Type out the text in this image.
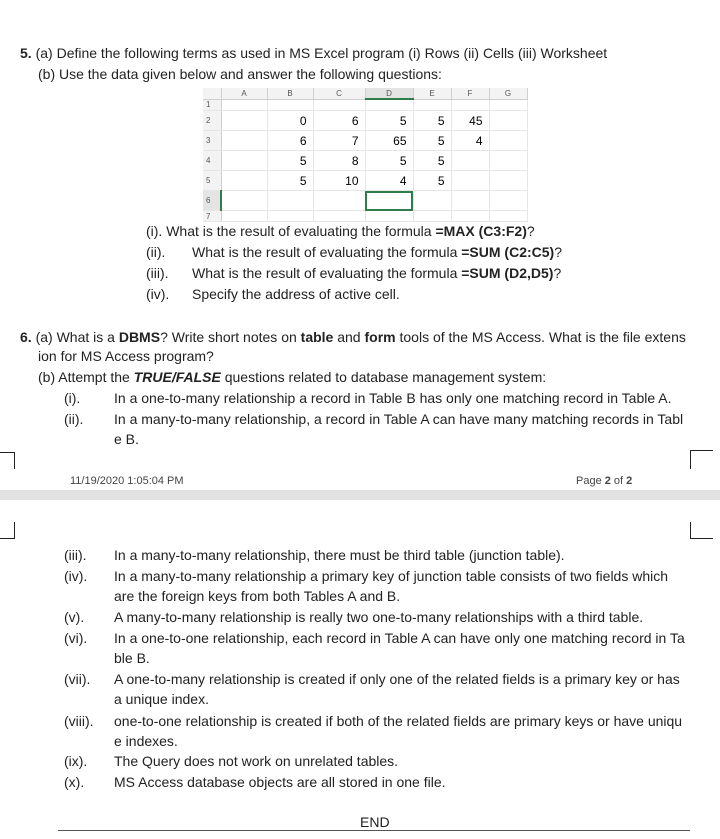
5. (a) Define the following terms as used in MS Excel program (i) Rows (ii) Cells (iii) Worksheet
(b) Use the data given below and answer the following questions:
	A	B	C	D	E	F	G
1							
2		0	6	5	5	45	
3		6	7	65	5	4	
4		5	8	5	5		
5		5	10	4	5		
6							
7							
(i). What is the result of evaluating the formula =MAX (C3:F2)?
(ii). What is the result of evaluating the formula =SUM (C2:C5)?
(iii). What is the result of evaluating the formula =SUM (D2,D5)?
(iv). Specify the address of active cell.
6. (a) What is a DBMS? Write short notes on table and form tools of the MS Access. What is the file extens
ion for MS Access program?
(b) Attempt the TRUE/FALSE questions related to database management system:
(i). In a one-to-many relationship a record in Table B has only one matching record in Table A.
(ii). In a many-to-many relationship, a record in Table A can have many matching records in Tabl
e B.
11/19/2020 1:05:04 PM	Page 2 of 2
(iii). In a many-to-many relationship, there must be third table (junction table).
(iv). In a many-to-many relationship a primary key of junction table consists of two fields which
are the foreign keys from both Tables A and B.
(v). A many-to-many relationship is really two one-to-many relationships with a third table.
(vi). In a one-to-one relationship, each record in Table A can have only one matching record in Ta
ble B.
(vii). A one-to-many relationship is created if only one of the related fields is a primary key or has
a unique index.
(viii). one-to-one relationship is created if both of the related fields are primary keys or have uniqu
e indexes.
(ix). The Query does not work on unrelated tables.
(x). MS Access database objects are all stored in one file.
END
